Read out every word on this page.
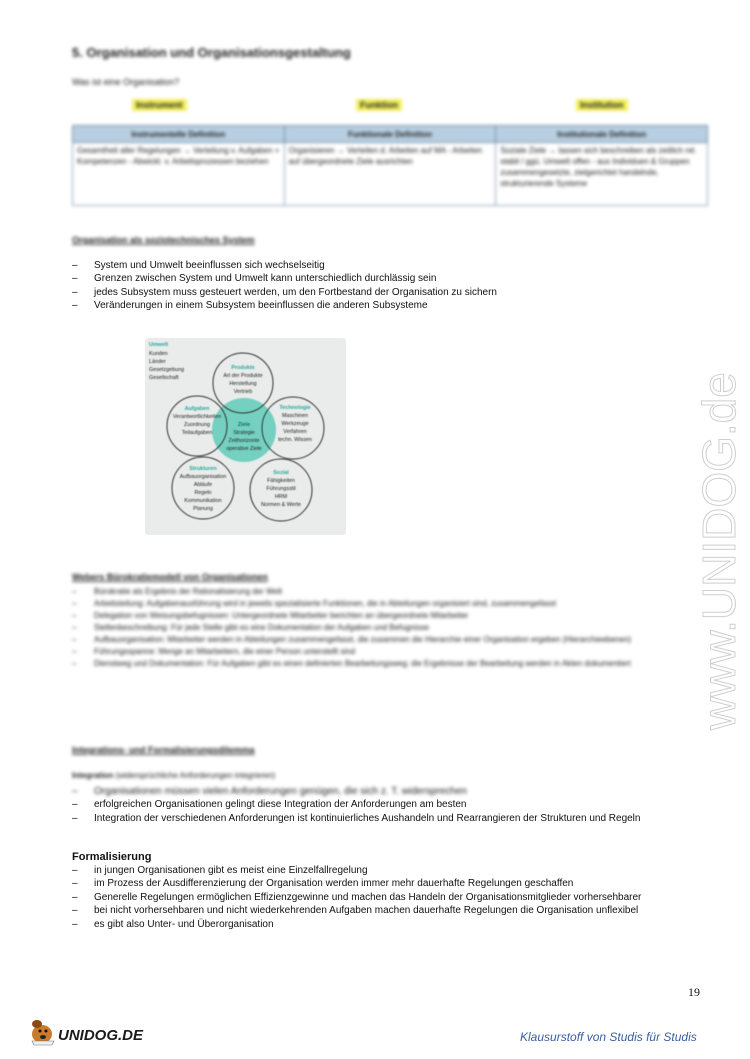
5. Organisation und Organisationsgestaltung
Was ist eine Organisation?
Instrument	Funktion	Institution
Instrumentelle Definition	Funktionale Definition	Institutionale Definition
Gesamtheit aller Regelungen → Verteilung v. Aufgaben + Kompetenzen - Abwickl. v. Arbeitsprozessen beziehen	Organisieren → Verteilen d. Arbeiten auf MA - Arbeiten auf übergeordnete Ziele ausrichten	Soziale Ziele → lassen sich beschreiben als zeitlich rel. stabil / ggü. Umwelt offen - aus Individuen & Gruppen zusammengesetzte, zielgerichtet handelnde, strukturierende Systeme
Organisation als soziotechnisches System
– System und Umwelt beeinflussen sich wechselseitig
– Grenzen zwischen System und Umwelt kann unterschiedlich durchlässig sein
– jedes Subsystem muss gesteuert werden, um den Fortbestand der Organisation zu sichern
– Veränderungen in einem Subsystem beeinflussen die anderen Subsysteme
Umwelt
Kunden
Länder
Gesetzgebung
Gesellschaft
Produkte
Art der Produkte
Herstellung
Vertrieb
Aufgaben
Verantwortlichkeiten
Zuordnung
Teilaufgaben
Ziele
Strategie
Zeithorizonte
operative Ziele
Technologie
Maschinen
Werkzeuge
Verfahren
techn. Wissen
Strukturen
Aufbauorganisation
Abläufe
Regeln
Kommunikation
Planung
Sozial
Fähigkeiten
Führungsstil
HRM
Normen & Werte
Webers Bürokratiemodell von Organisationen
– Bürokratie als Ergebnis der Rationalisierung der Welt
– Arbeitsteilung: Aufgabenausführung wird in jeweils spezialisierte Funktionen, die in Abteilungen organisiert sind, zusammengefasst
– Delegation von Weisungsbefugnissen: Untergeordnete Mitarbeiter berichten an übergeordnete Mitarbeiter
– Stellenbeschreibung: Für jede Stelle gibt es eine Dokumentation der Aufgaben und Befugnisse
– Aufbauorganisation: Mitarbeiter werden in Abteilungen zusammengefasst, die zusammen die Hierarchie einer Organisation ergeben (Hierarchieebenen)
– Führungsspanne: Menge an Mitarbeitern, die einer Person unterstellt sind
– Dienstweg und Dokumentation: Für Aufgaben gibt es einen definierten Bearbeitungsweg; die Ergebnisse der Bearbeitung werden in Akten dokumentiert
Integrations- und Formalisierungsdilemma
Integration (widersprüchliche Anforderungen integrieren)
– Organisationen müssen vielen Anforderungen genügen, die sich z. T. widersprechen
– erfolgreichen Organisationen gelingt diese Integration der Anforderungen am besten
– Integration der verschiedenen Anforderungen ist kontinuierliches Aushandeln und Rearrangieren der Strukturen und Regeln
Formalisierung
– in jungen Organisationen gibt es meist eine Einzelfallregelung
– im Prozess der Ausdifferenzierung der Organisation werden immer mehr dauerhafte Regelungen geschaffen
– Generelle Regelungen ermöglichen Effizienzgewinne und machen das Handeln der Organisationsmitglieder vorhersehbarer
– bei nicht vorhersehbaren und nicht wiederkehrenden Aufgaben machen dauerhafte Regelungen die Organisation unflexibel
– es gibt also Unter- und Überorganisation
www.UNIDOG.de
19
UNIDOG.DE	Klausurstoff von Studis für Studis
